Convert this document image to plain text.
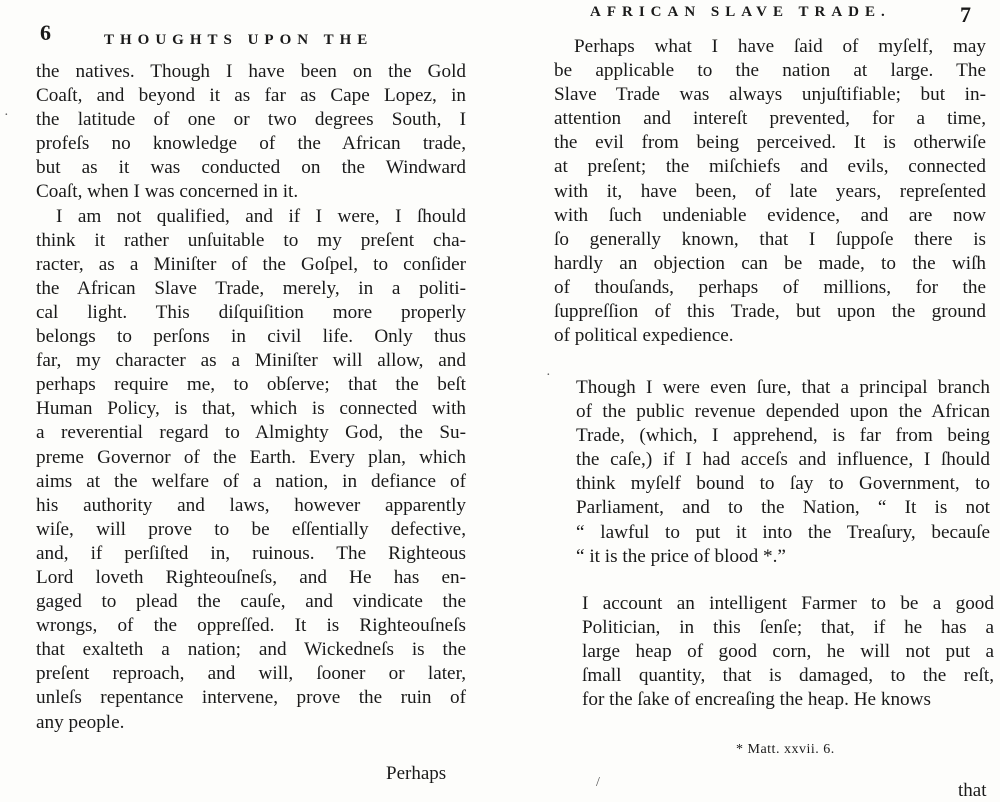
6	THOUGHTS UPON THE
the natives. Though I have been on the Gold
Coaſt, and beyond it as far as Cape Lopez, in
the latitude of one or two degrees South, I
profeſs no knowledge of the African trade,
but as it was conducted on the Windward
Coaſt, when I was concerned in it.
I am not qualified, and if I were, I ſhould
think it rather unſuitable to my preſent cha-
racter, as a Miniſter of the Goſpel, to conſider
the African Slave Trade, merely, in a politi-
cal light. This diſquiſition more properly
belongs to perſons in civil life. Only thus
far, my character as a Miniſter will allow, and
perhaps require me, to obſerve; that the beſt
Human Policy, is that, which is connected with
a reverential regard to Almighty God, the Su-
preme Governor of the Earth. Every plan, which
aims at the welfare of a nation, in defiance of
his authority and laws, however apparently
wiſe, will prove to be eſſentially defective,
and, if perſiſted in, ruinous. The Righteous
Lord loveth Righteouſneſs, and He has en-
gaged to plead the cauſe, and vindicate the
wrongs, of the oppreſſed. It is Righteouſneſs
that exalteth a nation; and Wickedneſs is the
preſent reproach, and will, ſooner or later,
unleſs repentance intervene, prove the ruin of
any people.
Perhaps
AFRICAN SLAVE TRADE.	7
Perhaps what I have ſaid of myſelf, may
be applicable to the nation at large. The
Slave Trade was always unjuſtifiable; but in-
attention and intereſt prevented, for a time,
the evil from being perceived. It is otherwiſe
at preſent; the miſchiefs and evils, connected
with it, have been, of late years, repreſented
with ſuch undeniable evidence, and are now
ſo generally known, that I ſuppoſe there is
hardly an objection can be made, to the wiſh
of thouſands, perhaps of millions, for the
ſuppreſſion of this Trade, but upon the ground
of political expedience.
Though I were even ſure, that a principal branch
of the public revenue depended upon the African
Trade, (which, I apprehend, is far from being
the caſe,) if I had acceſs and influence, I ſhould
think myſelf bound to ſay to Government, to
Parliament, and to the Nation, “ It is not
“ lawful to put it into the Treaſury, becauſe
“ it is the price of blood *.”
I account an intelligent Farmer to be a good
Politician, in this ſenſe; that, if he has a
large heap of good corn, he will not put a
ſmall quantity, that is damaged, to the reſt,
for the ſake of encreaſing the heap. He knows
* Matt. xxvii. 6.
that
·
·
/
